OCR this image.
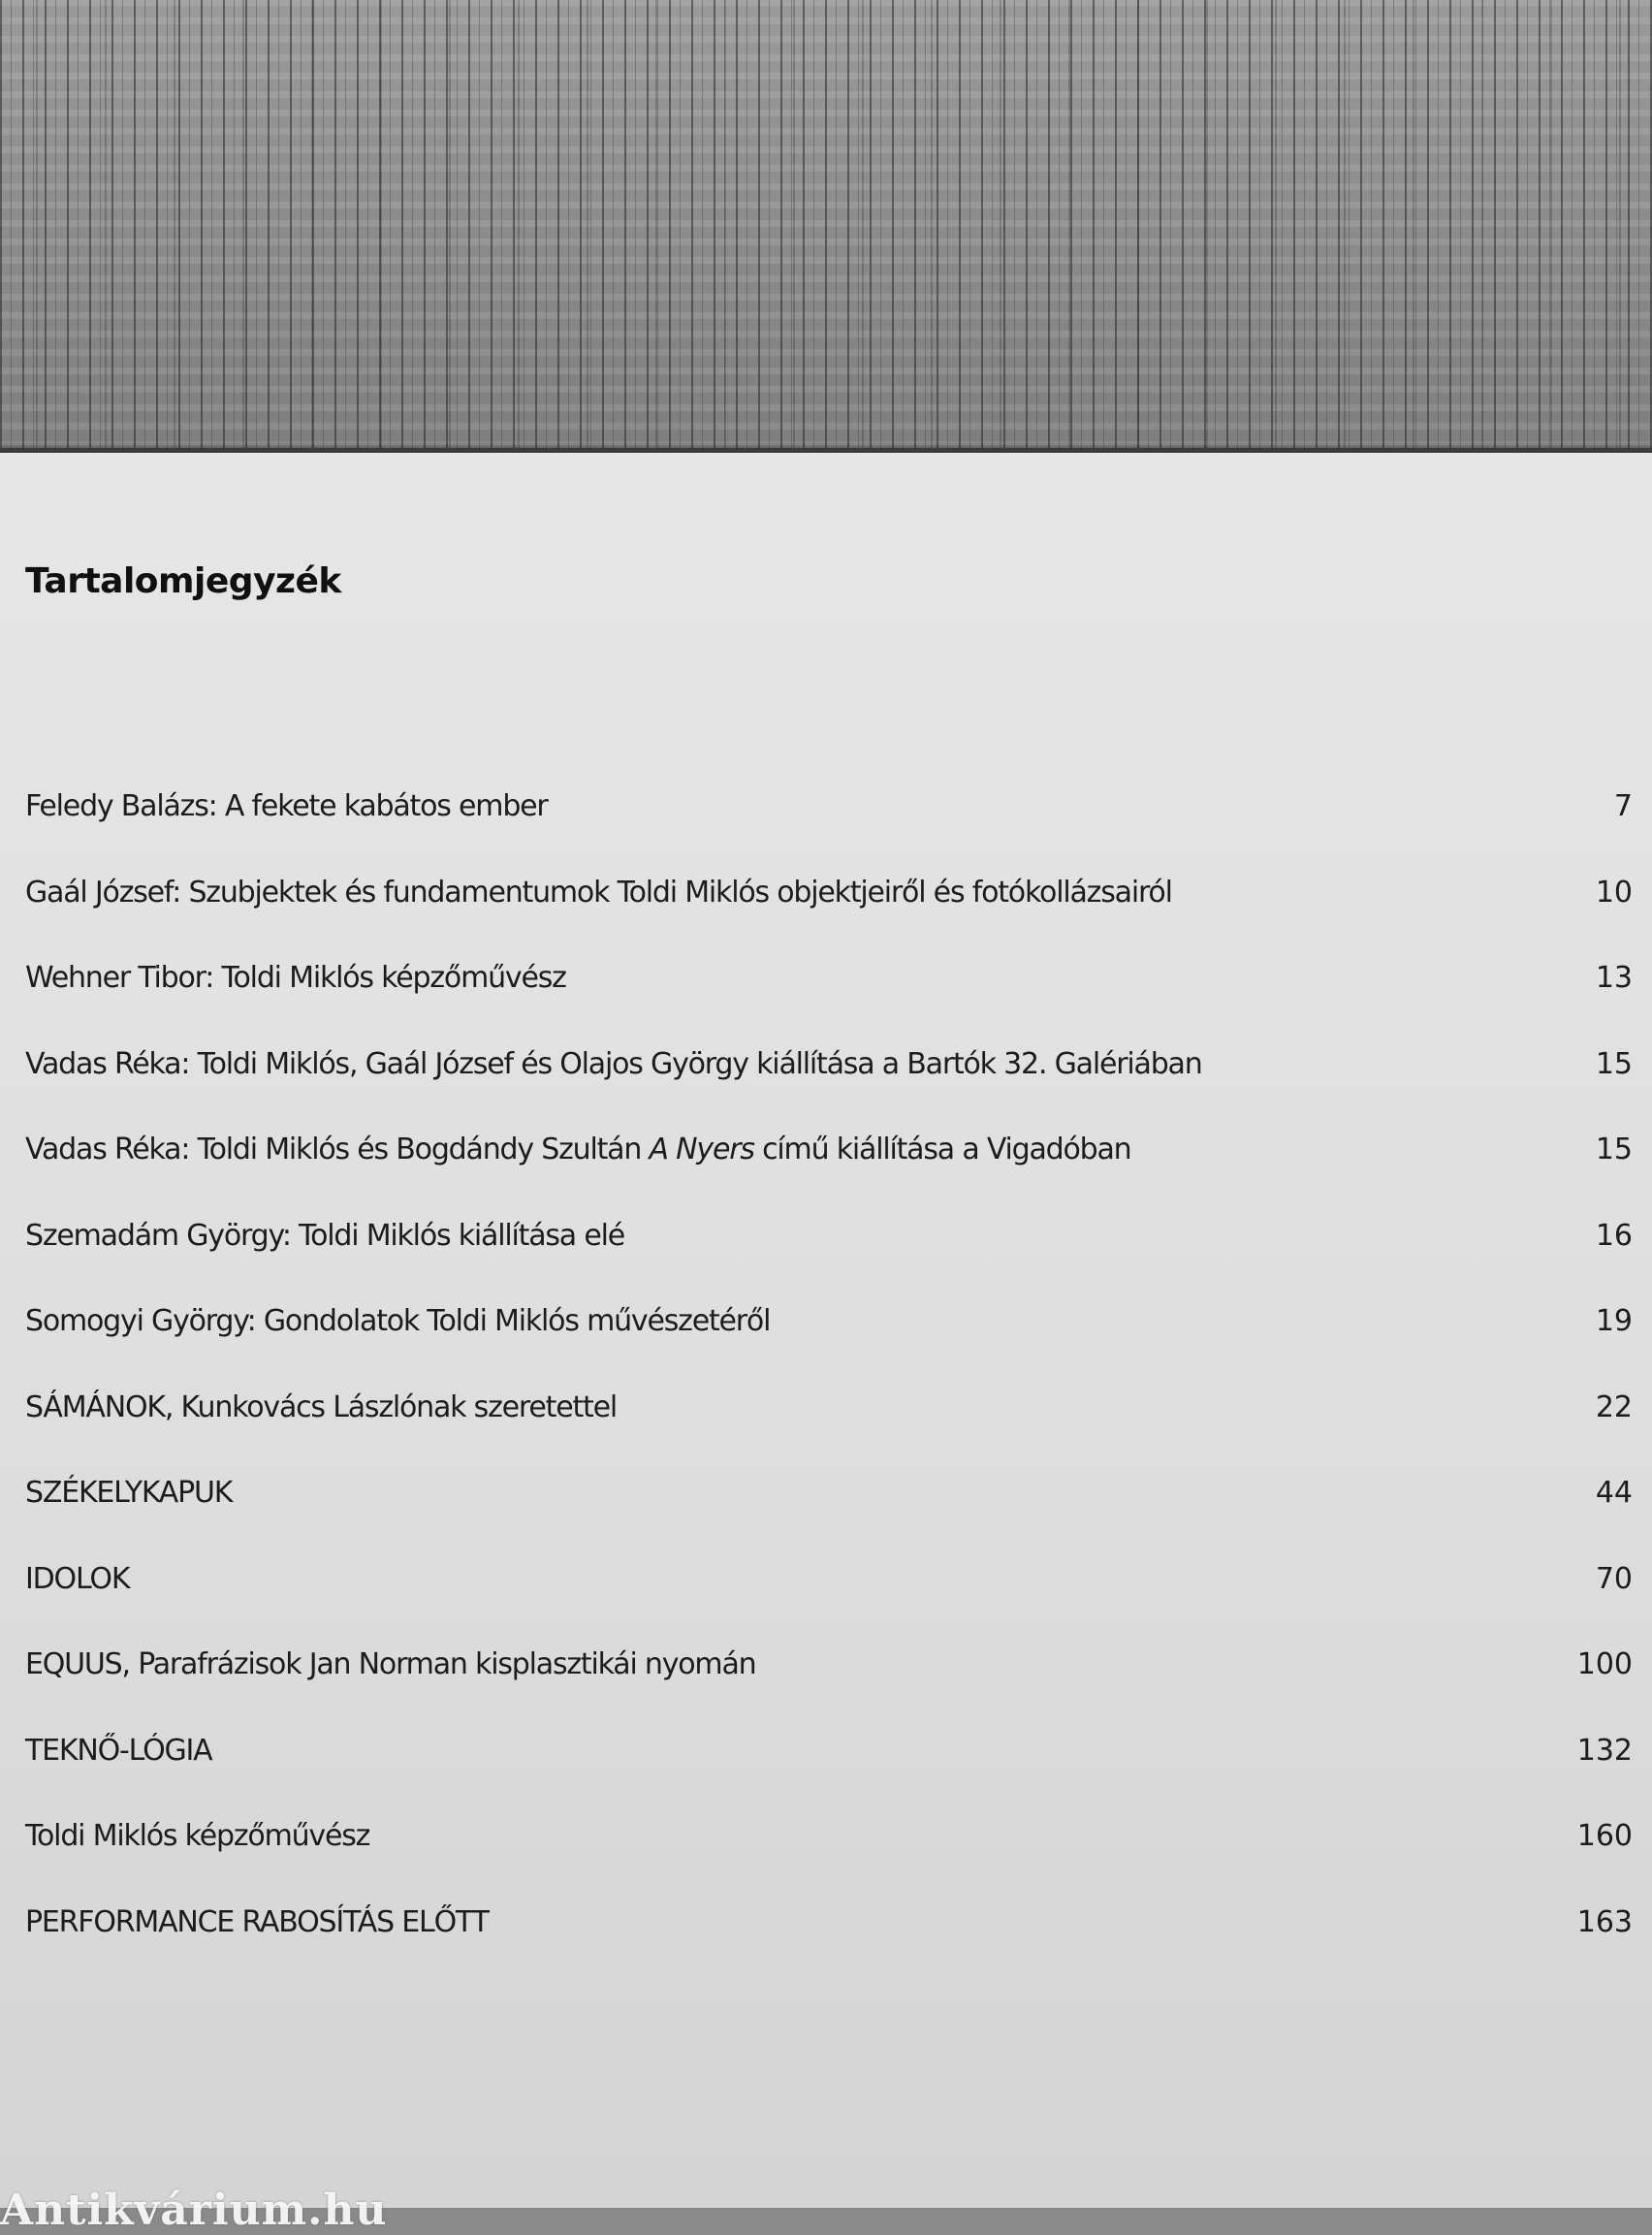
Tartalomjegyzék
Feledy Balázs: A fekete kabátos ember	7
Gaál József: Szubjektek és fundamentumok Toldi Miklós objektjeiről és fotókollázsairól	10
Wehner Tibor: Toldi Miklós képzőművész	13
Vadas Réka: Toldi Miklós, Gaál József és Olajos György kiállítása a Bartók 32. Galériában	15
Vadas Réka: Toldi Miklós és Bogdándy Szultán A Nyers című kiállítása a Vigadóban	15
Szemadám György: Toldi Miklós kiállítása elé	16
Somogyi György: Gondolatok Toldi Miklós művészetéről	19
SÁMÁNOK, Kunkovács Lászlónak szeretettel	22
SZÉKELYKAPUK	44
IDOLOK	70
EQUUS, Parafrázisok Jan Norman kisplasztikái nyomán	100
TEKNŐ-LÓGIA	132
Toldi Miklós képzőművész	160
PERFORMANCE RABOSÍTÁS ELŐTT	163
Antikvárium.hu
